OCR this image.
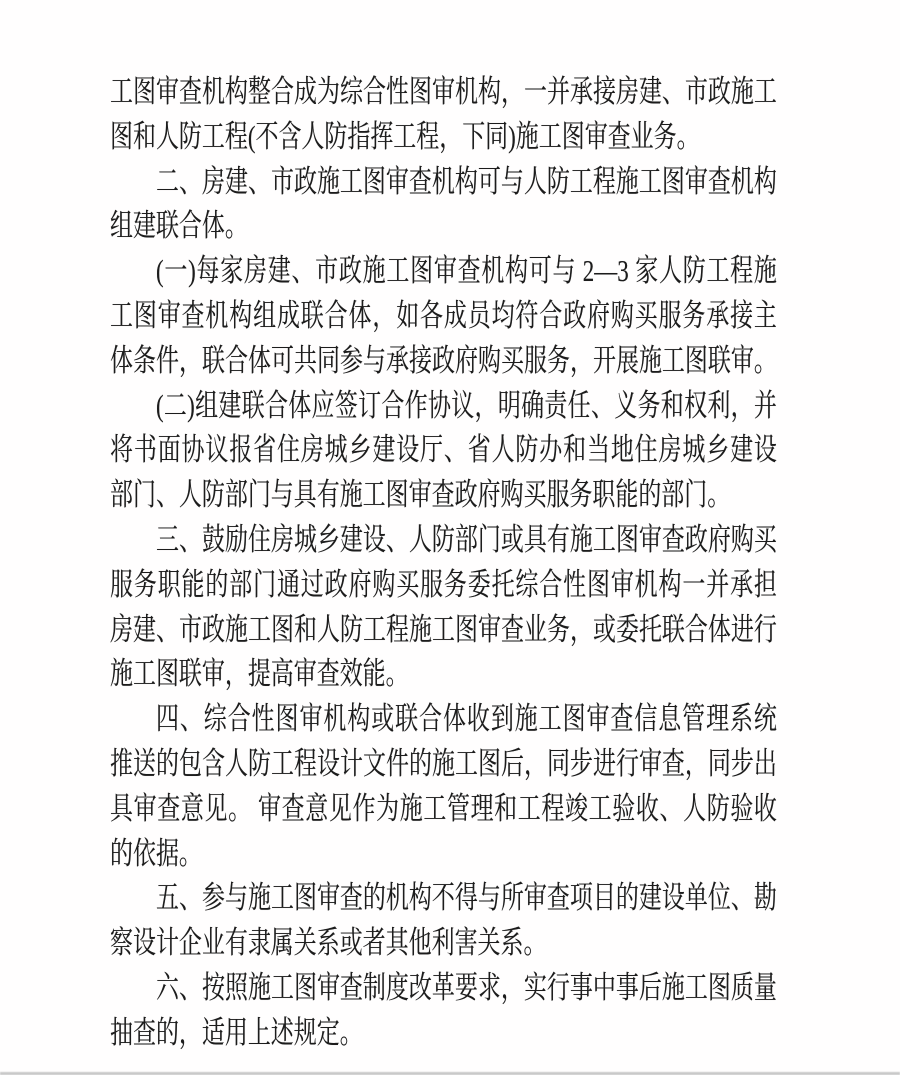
工图审查机构整合成为综合性图审机构，一并承接房建、市政施工
图和人防工程(不含人防指挥工程，下同)施工图审查业务。
二、房建、市政施工图审查机构可与人防工程施工图审查机构
组建联合体。
(一)每家房建、市政施工图审查机构可与 2—3 家人防工程施
工图审查机构组成联合体，如各成员均符合政府购买服务承接主
体条件，联合体可共同参与承接政府购买服务，开展施工图联审。
(二)组建联合体应签订合作协议，明确责任、义务和权利，并
将书面协议报省住房城乡建设厅、省人防办和当地住房城乡建设
部门、人防部门与具有施工图审查政府购买服务职能的部门。
三、鼓励住房城乡建设、人防部门或具有施工图审查政府购买
服务职能的部门通过政府购买服务委托综合性图审机构一并承担
房建、市政施工图和人防工程施工图审查业务，或委托联合体进行
施工图联审，提高审查效能。
四、综合性图审机构或联合体收到施工图审查信息管理系统
推送的包含人防工程设计文件的施工图后，同步进行审查，同步出
具审查意见。 审查意见作为施工管理和工程竣工验收、人防验收
的依据。
五、参与施工图审查的机构不得与所审查项目的建设单位、勘
察设计企业有隶属关系或者其他利害关系。
六、按照施工图审查制度改革要求，实行事中事后施工图质量
抽查的，适用上述规定。
